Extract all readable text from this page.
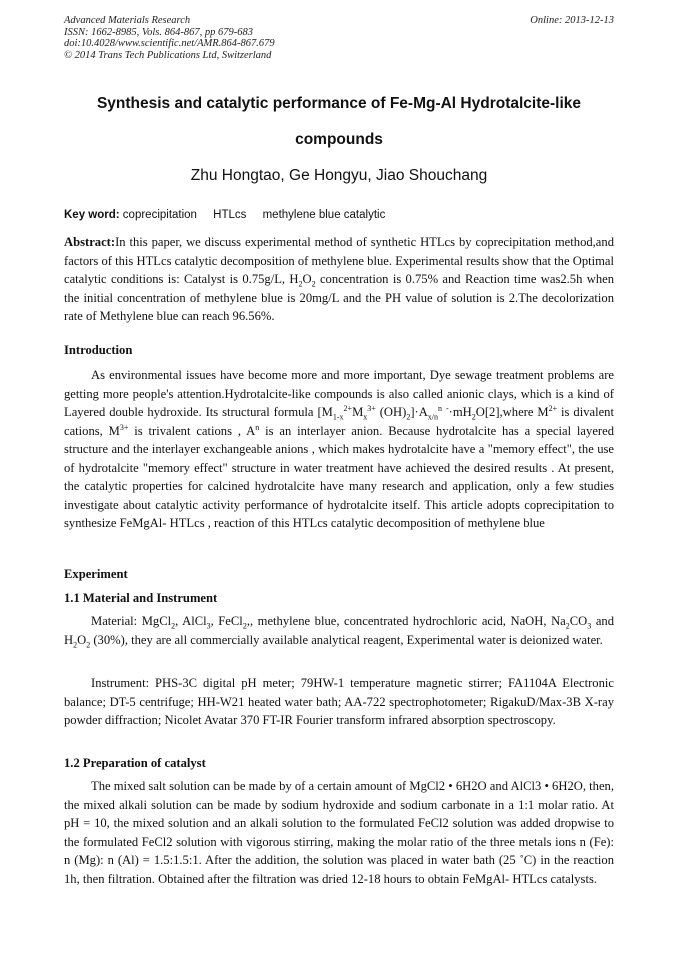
Advanced Materials Research
ISSN: 1662-8985, Vols. 864-867, pp 679-683
doi:10.4028/www.scientific.net/AMR.864-867.679
© 2014 Trans Tech Publications Ltd, Switzerland
Online: 2013-12-13
Synthesis and catalytic performance of Fe-Mg-Al Hydrotalcite-like
compounds
Zhu Hongtao, Ge Hongyu, Jiao Shouchang
Key word: coprecipitation HTLcs methylene blue catalytic

Abstract:In this paper, we discuss experimental method of synthetic HTLcs by coprecipitation method,and factors of this HTLcs catalytic decomposition of methylene blue. Experimental results show that the Optimal catalytic conditions is: Catalyst is 0.75g/L, $H_2O_2$ concentration is 0.75% and Reaction time was2.5h when the initial concentration of methylene blue is 20mg/L and the PH value of solution is 2.The decolorization rate of Methylene blue can reach 96.56%.

Introduction

As environmental issues have become more and more important, Dye sewage treatment problems are getting more people's attention.Hydrotalcite-like compounds is also called anionic clays, which is a kind of Layered double hydroxide. Its structural formula [$M_{1-x}^{2+}M_x^{3+}$ $(OH)_2]\cdot A_{x/n}^n$ $^-\cdot mH_2O[2],where$ $M^{2+}$ is divalent cations, $M^{3+}$ is trivalent cations , $A^n$ is an interlayer anion. Because hydrotalcite has a special layered structure and the interlayer exchangeable anions , which makes hydrotalcite have a "memory effect", the use of hydrotalcite "memory effect" structure in water treatment have achieved the desired results . At present, the catalytic properties for calcined hydrotalcite have many research and application, only a few studies investigate about catalytic activity performance of hydrotalcite itself. This article adopts coprecipitation to synthesize FeMgAl- HTLcs , reaction of this HTLcs catalytic decomposition of methylene blue

Experiment
1.1 Material and Instrument

Material: MgCl$_2$, AlCl$_3$, FeCl$_2$,, methylene blue, concentrated hydrochloric acid, NaOH, $Na_2CO_3$ and $H_2O_2$ (30%), they are all commercially available analytical reagent, Experimental water is deionized water.

Instrument: PHS-3C digital pH meter; 79HW-1 temperature magnetic stirrer; FA1104A Electronic balance; DT-5 centrifuge; HH-W21 heated water bath; AA-722 spectrophotometer; RigakuD/Max-3B X-ray powder diffraction; Nicolet Avatar 370 FT-IR Fourier transform infrared absorption spectroscopy.

1.2 Preparation of catalyst

The mixed salt solution can be made by of a certain amount of MgCl2 • 6H2O and AlCl3 • 6H2O, then, the mixed alkali solution can be made by sodium hydroxide and sodium carbonate in a 1:1 molar ratio. At pH = 10, the mixed solution and an alkali solution to the formulated FeCl2 solution was added dropwise to the formulated FeCl2 solution with vigorous stirring, making the molar ratio of the three metals ions n (Fe): n (Mg): n (Al) = 1.5:1.5:1. After the addition, the solution was placed in water bath (25 ˚C) in the reaction 1h, then filtration. Obtained after the filtration was dried 12-18 hours to obtain FeMgAl- HTLcs catalysts.
